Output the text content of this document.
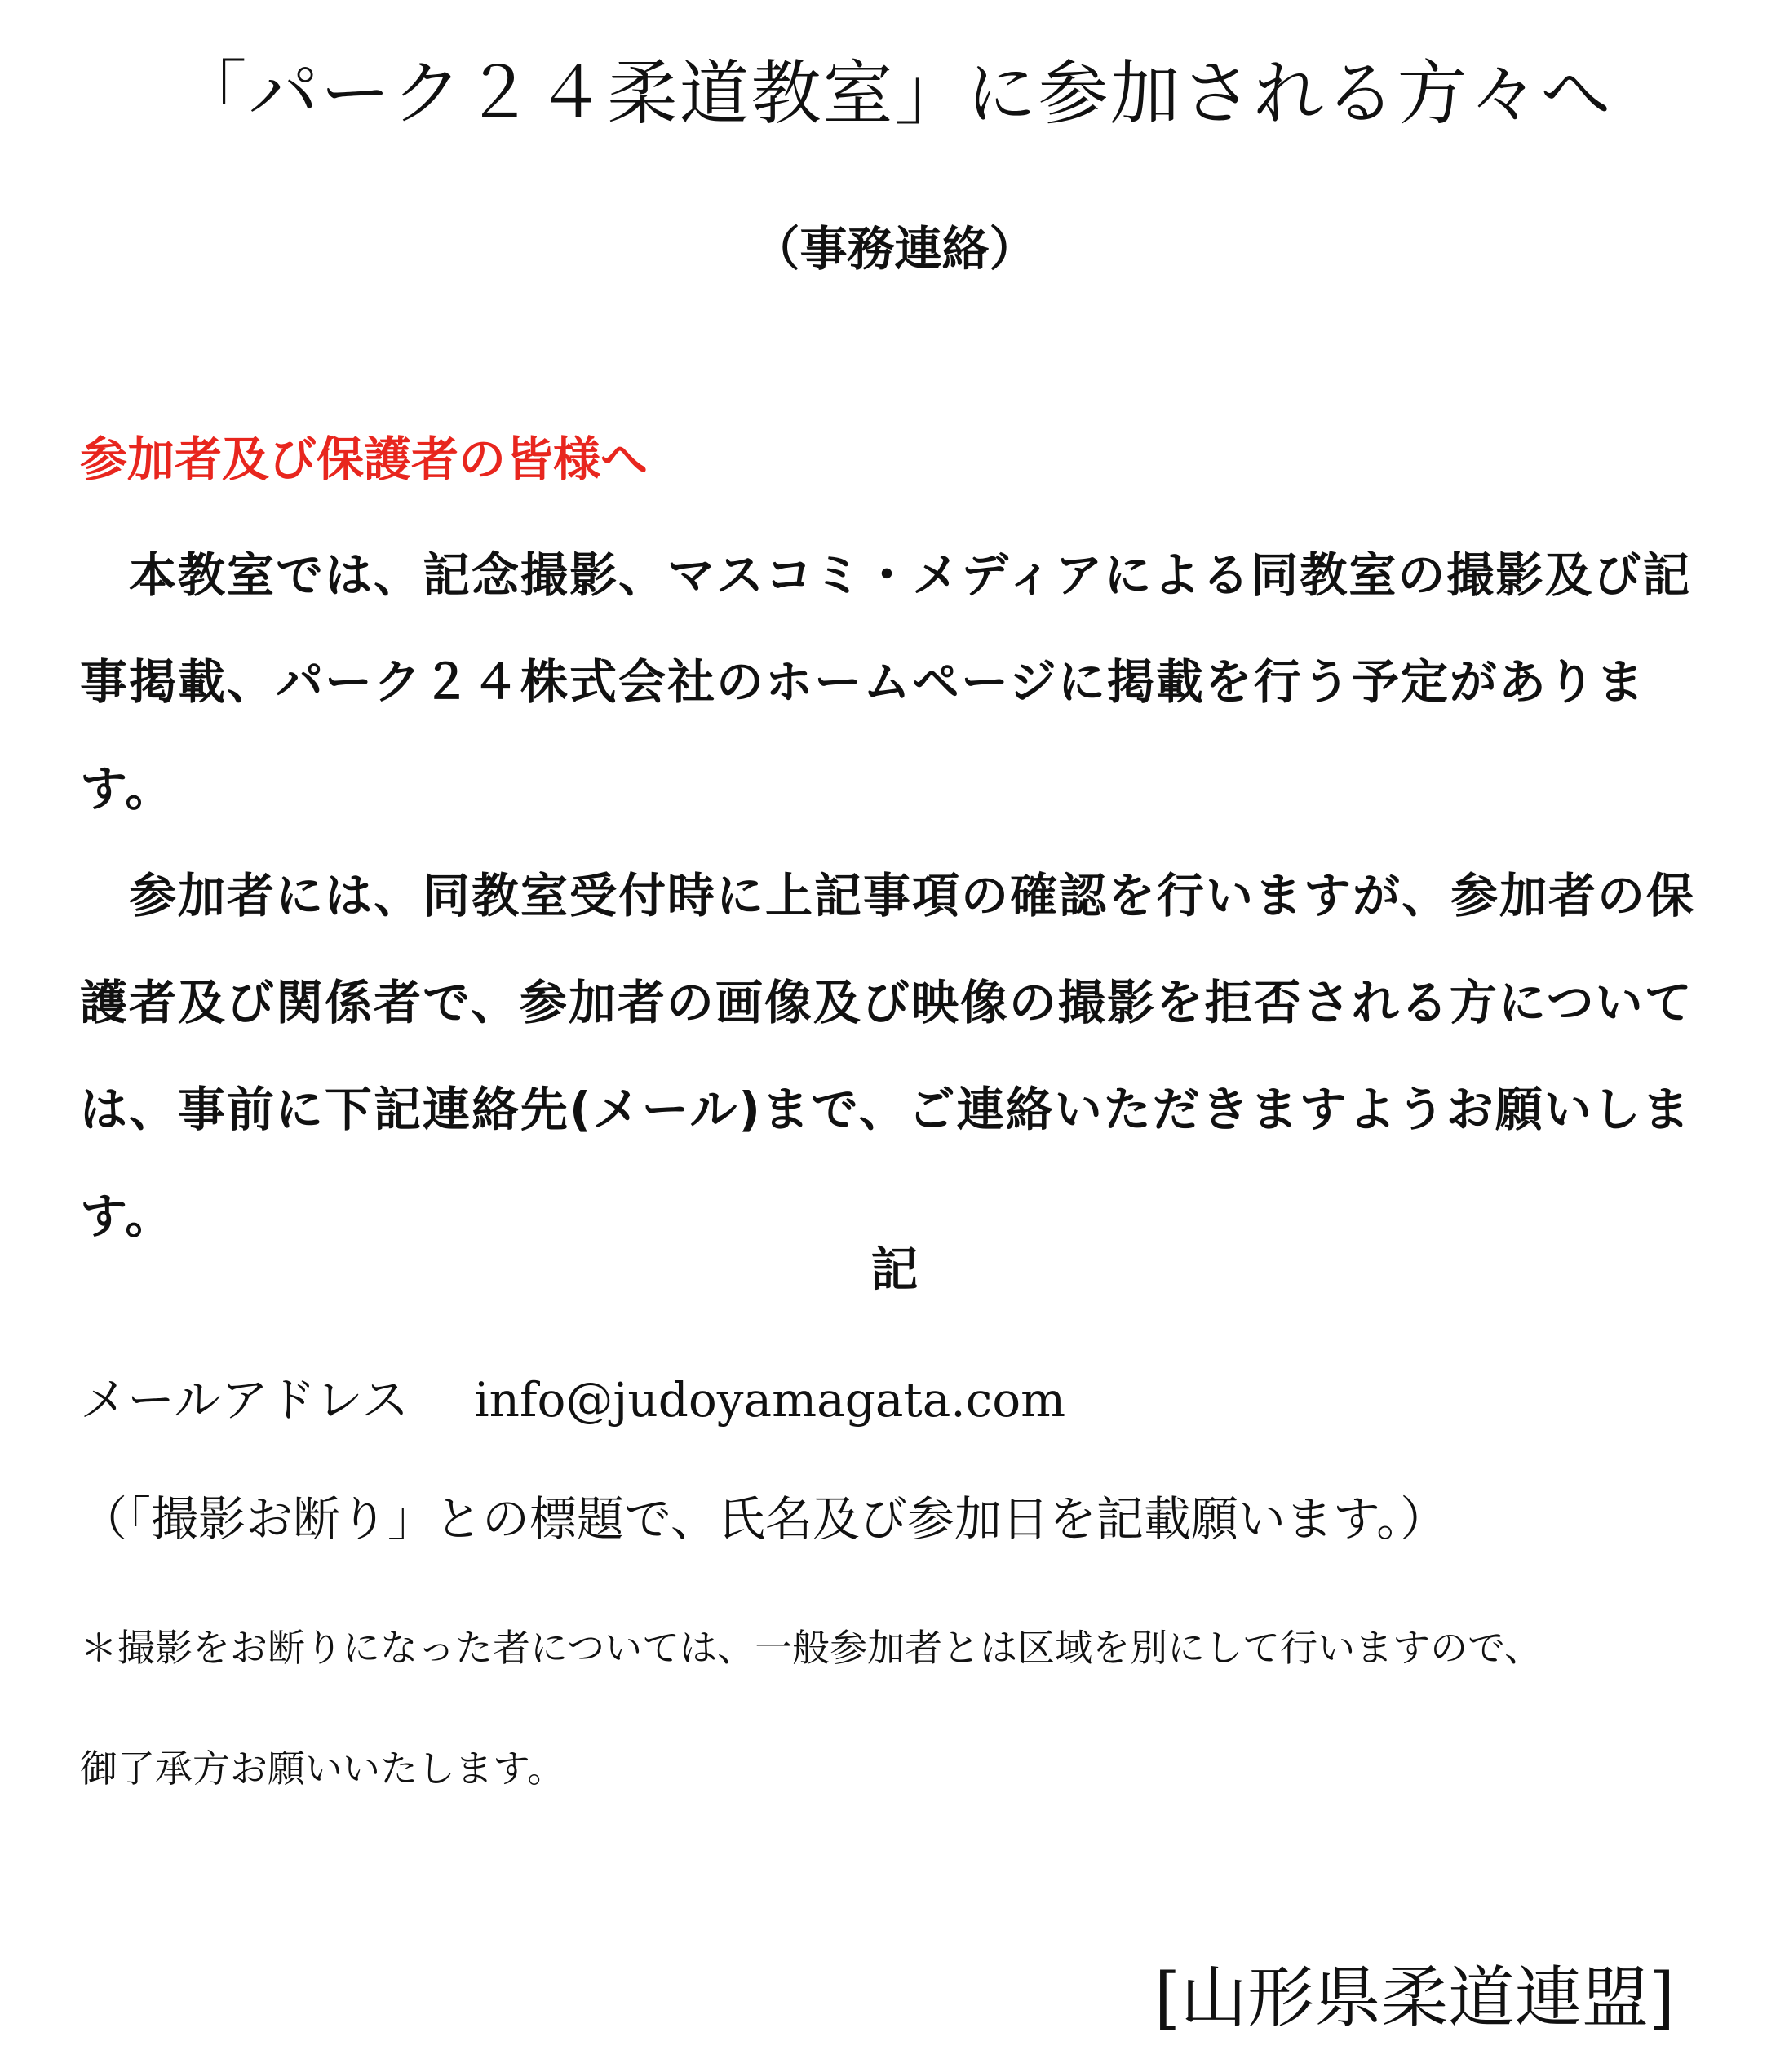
「パーク２４柔道教室」に参加される方々へ
（事務連絡）
参加者及び保護者の皆様へ

本教室では、記念撮影、マスコミ・メディアによる同教室の撮影及び記事掲載、パーク２４株式会社のホームページに掲載を行う予定があります。

参加者には、同教室受付時に上記事項の確認を行いますが、参加者の保護者及び関係者で、参加者の画像及び映像の撮影を拒否される方については、事前に下記連絡先(メール)まで、ご連絡いただきますようお願いします。

記
メールアドレス info@judoyamagata.com
（「撮影お断り」との標題で、氏名及び参加日を記載願います。）
＊撮影をお断りになった者については、一般参加者とは区域を別にして行いますので、
御了承方お願いいたします。
[山形県柔道連盟]
